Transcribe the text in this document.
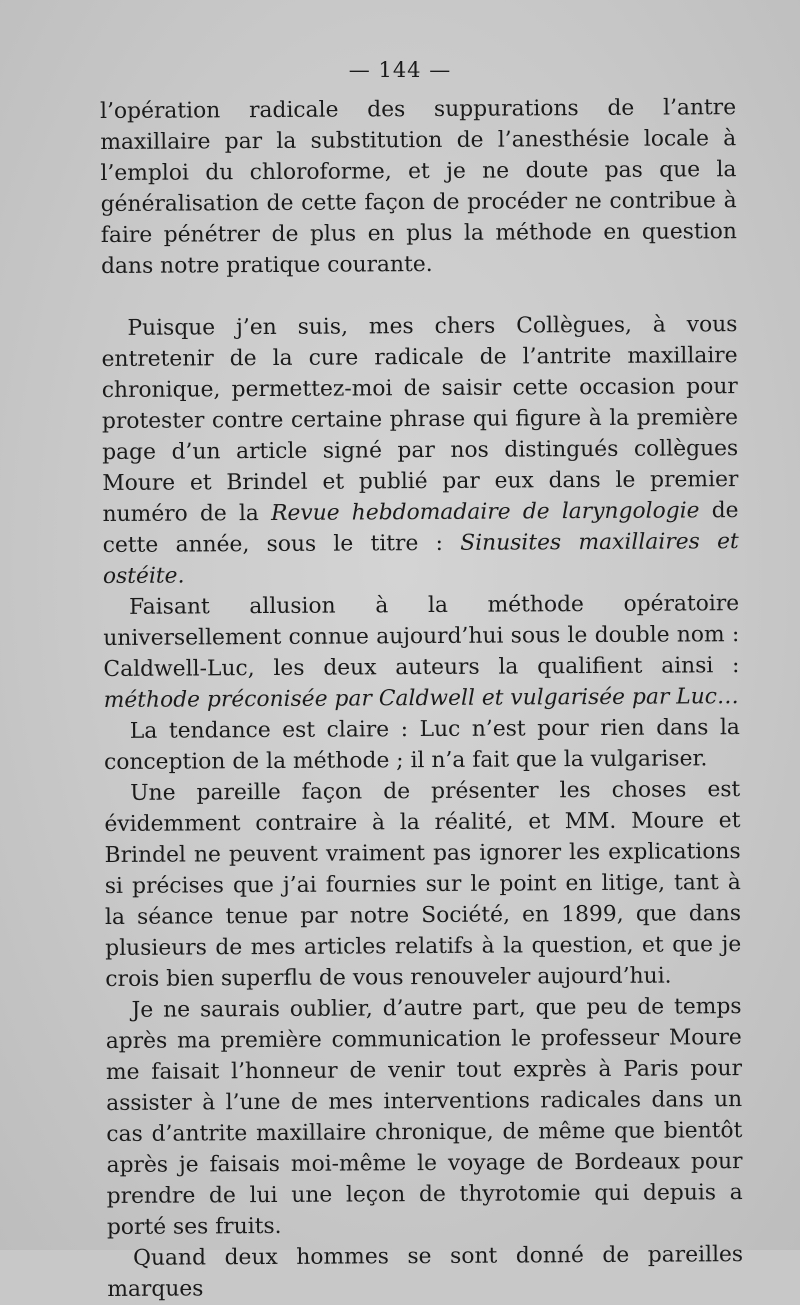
— 144 —

l’opération radicale des suppurations de l’antre maxillaire par la substitution de l’anesthésie locale à l’emploi du chloroforme, et je ne doute pas que la généralisation de cette façon de procéder ne contribue à faire pénétrer de plus en plus la méthode en question dans notre pratique courante.

Puisque j’en suis, mes chers Collègues, à vous entretenir de la cure radicale de l’antrite maxillaire chronique, permettez-moi de saisir cette occasion pour protester contre certaine phrase qui figure à la première page d’un article signé par nos distingués collègues Moure et Brindel et publié par eux dans le premier numéro de la Revue hebdomadaire de laryngologie de cette année, sous le titre : Sinusites maxillaires et ostéite.

Faisant allusion à la méthode opératoire universellement connue aujourd’hui sous le double nom : Caldwell-Luc, les deux auteurs la qualifient ainsi : méthode préconisée par Caldwell et vulgarisée par Luc…

La tendance est claire : Luc n’est pour rien dans la conception de la méthode ; il n’a fait que la vulgariser.

Une pareille façon de présenter les choses est évidemment contraire à la réalité, et MM. Moure et Brindel ne peuvent vraiment pas ignorer les explications si précises que j’ai fournies sur le point en litige, tant à la séance tenue par notre Société, en 1899, que dans plusieurs de mes articles relatifs à la question, et que je crois bien superflu de vous renouveler aujourd’hui.

Je ne saurais oublier, d’autre part, que peu de temps après ma première communication le professeur Moure me faisait l’honneur de venir tout exprès à Paris pour assister à l’une de mes interventions radicales dans un cas d’antrite maxillaire chronique, de même que bientôt après je faisais moi-même le voyage de Bordeaux pour prendre de lui une leçon de thyrotomie qui depuis a porté ses fruits.

Quand deux hommes se sont donné de pareilles marques
